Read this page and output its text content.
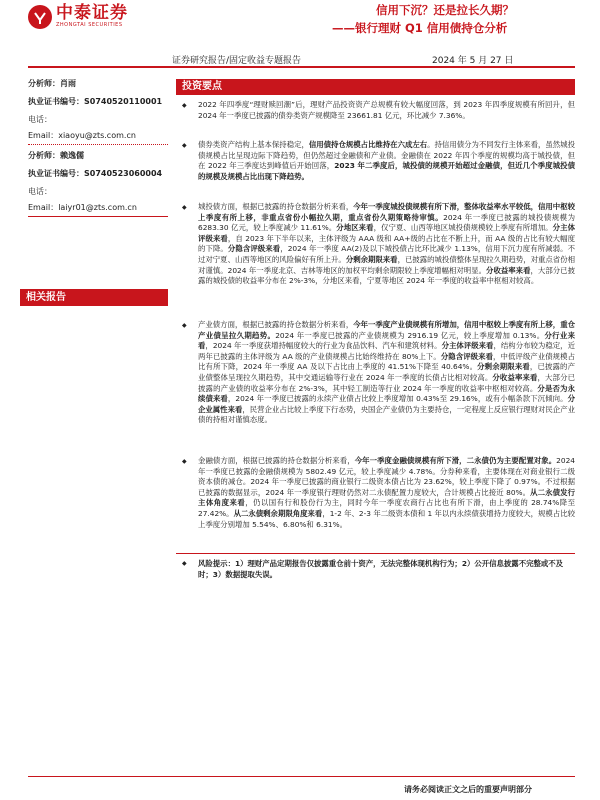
中泰证券
ZHONGTAI SECURITIES
信用下沉？还是拉长久期？
——银行理财 Q1 信用债持仓分析
证券研究报告/固定收益专题报告	2024 年 5 月 27 日
分析师：肖雨
执业证书编号：S0740520110001
电话：
Email：xiaoyu@zts.com.cn
分析师：赖逸儒
执业证书编号：S0740523060004
电话：
Email：laiyr01@zts.com.cn
相关报告
投资要点
◆ 2022 年四季度“理财赎回潮”后，理财产品投资资产总规模有较大幅度回落，到 2023 年四季度规模有所回升，但 2024 年一季度已披露的债券类资产规模降至 23661.81 亿元，环比减少 7.36%。
◆ 债券类资产结构上基本保持稳定，信用债持仓规模占比维持在六成左右。持信用债分为不同发行主体来看，虽然城投债规模占比呈现边际下降趋势，但仍然超过金融债和产业债。金融债在 2022 年四个季度的规模均高于城投债，但在 2022 年三季度达到峰值后开始回落，2023 年二季度后，城投债的规模开始超过金融债，但近几个季度城投债的规模及规模占比出现下降趋势。
◆ 城投债方面，根据已披露的持仓数据分析来看，今年一季度城投债规模有所下滑，整体收益率水平较低，信用中枢较上季度有所上移，非重点省份小幅拉久期，重点省份久期策略待审慎。2024 年一季度已披露的城投债规模为 6283.30 亿元，较上季度减少 11.61%。分地区来看，仅宁夏、山西等地区城投债规模较上季度有所增加。分主体评级来看，自 2023 年下半年以来，主体评级为 AAA 级和 AA+级的占比在不断上升，而 AA 级的占比有较大幅度的下降。分隐含评级来看，2024 年一季度 AA(2)及以下城投债占比环比减少 1.13%，信用下沉力度有所减弱。不过对宁夏、山西等地区的风险偏好有所上升。分剩余期限来看，已披露的城投债整体呈现拉久期趋势，对重点省份相对谨慎。2024 年一季度北京、吉林等地区的加权平均剩余期限较上季度增幅相对明显。分收益率来看，大部分已披露的城投债的收益率分布在 2%-3%，分地区来看，宁夏等地区 2024 年一季度的收益率中枢相对较高。
◆ 产业债方面，根据已披露的持仓数据分析来看，今年一季度产业债规模有所增加，信用中枢较上季度有所上移，重仓产业债呈拉久期趋势。2024 年一季度已披露的产业债规模为 2916.19 亿元，较上季度增加 0.13%。分行业来看，2024 年一季度获增持幅度较大的行业为食品饮料、汽车和建筑材料。分主体评级来看，结构分布较为稳定，近两年已披露的主体评级为 AA 级的产业债规模占比始终维持在 80%上下。分隐含评级来看，中低评级产业债规模占比有所下降，2024 年一季度 AA 及以下占比由上季度的 41.51%下降至 40.64%。分剩余期限来看，已披露的产业债整体呈现拉久期趋势，其中交通运输等行业在 2024 年一季度的长债占比相对较高。分收益率来看，大部分已披露的产业债的收益率分布在 2%-3%，其中轻工制造等行业 2024 年一季度的收益率中枢相对较高。分是否为永续债来看，2024 年一季度已披露的永续产业债占比较上季度增加 0.43%至 29.16%，或有小幅条款下沉倾向。分企业属性来看，民营企业占比较上季度下行态势，央国企产业债仍为主要持仓，一定程度上反应银行理财对民企产业债的持相对谨慎态度。
◆ 金融债方面，根据已披露的持仓数据分析来看，今年一季度金融债规模有所下滑，二永债仍为主要配置对象。2024 年一季度已披露的金融债规模为 5802.49 亿元，较上季度减少 4.78%。分券种来看，主要体现在对商业银行二级资本债的减仓。2024 年一季度已披露的商业银行二级资本债占比为 23.62%，较上季度下降了 0.97%。不过根据已披露的数据显示，2024 年一季度银行理财仍然对二永债配置力度较大，合计规模占比接近 80%。从二永债发行主体角度来看，仍以国有行和股份行为主，同时今年一季度农商行占比也有所下滑，由上季度的 28.74%降至 27.42%。从二永债剩余期限角度来看，1-2 年、2-3 年二级资本债和 1 年以内永续债获增持力度较大，规模占比较上季度分别增加 5.54%、6.80%和 6.31%。
◆ 风险提示：1）理财产品定期报告仅披露重仓前十资产，无法完整体现机构行为；2）公开信息披露不完整或不及时；3）数据提取失误。
请务必阅读正文之后的重要声明部分
